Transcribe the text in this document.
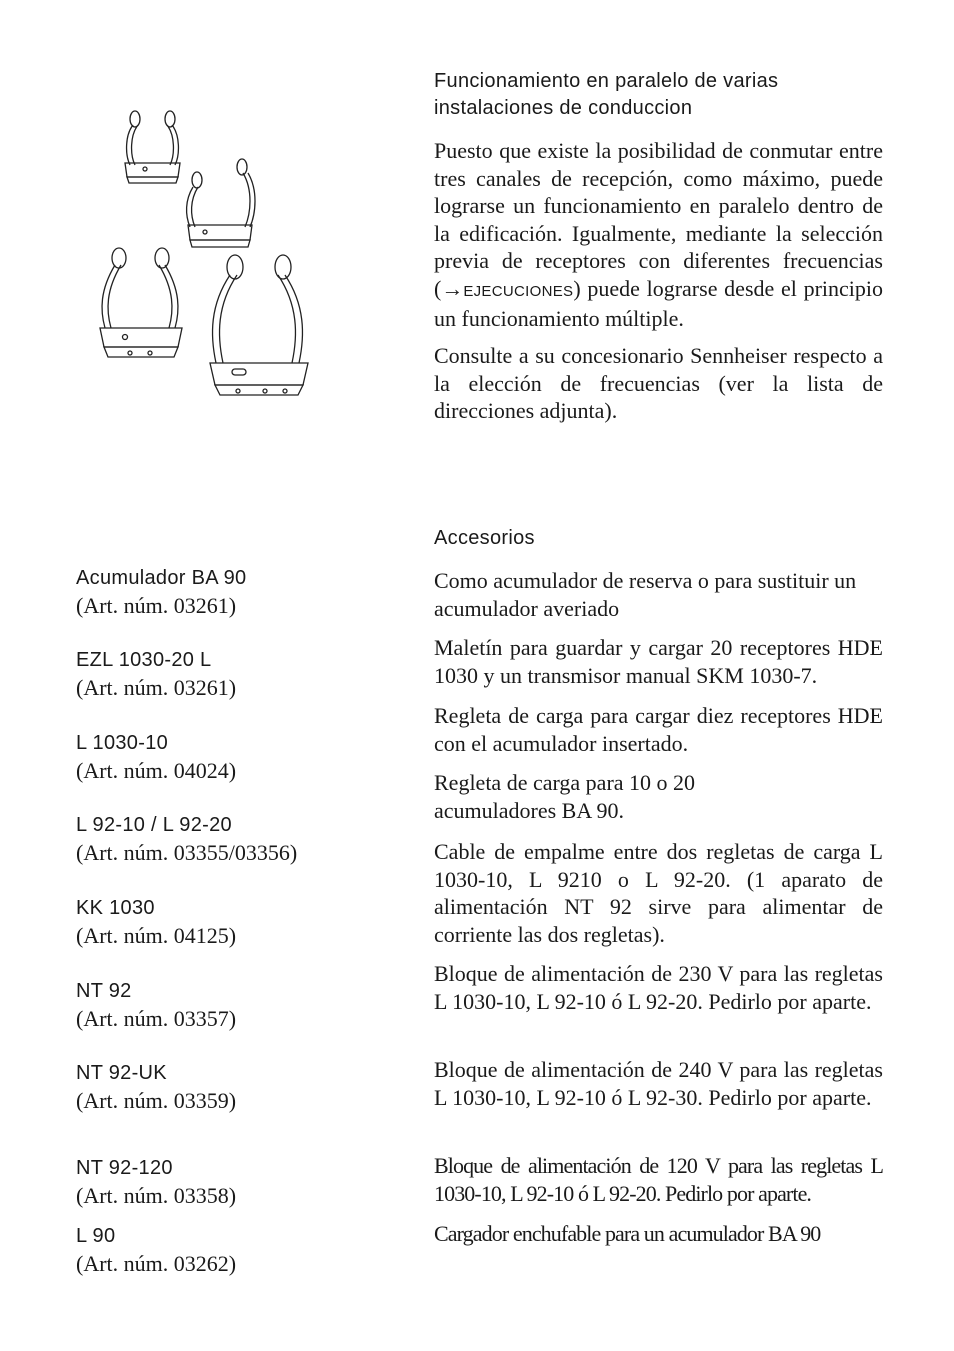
Funcionamiento en paralelo de varias
instalaciones de conduccion

Puesto que existe la posibilidad de conmutar entre tres canales de recepción, como máximo, puede lograrse un funcionamiento en paralelo dentro de la edificación. Igualmente, mediante la selección previa de receptores con diferentes frecuencias (→EJECUCIONES) puede lograrse desde el principio un funcionamiento múltiple.

Consulte a su concesionario Sennheiser respecto a la elección de frecuencias (ver la lista de direcciones adjunta).

Accesorios
Acumulador BA 90
(Art. núm. 03261)
EZL 1030-20 L
(Art. núm. 03261)
L 1030-10
(Art. núm. 04024)
L 92-10 / L 92-20
(Art. núm. 03355/03356)
KK 1030
(Art. núm. 04125)
NT 92
(Art. núm. 03357)
NT 92-UK
(Art. núm. 03359)
NT 92-120
(Art. núm. 03358)
L 90
(Art. núm. 03262)

Como acumulador de reserva o para sustituir un acumulador averiado

Maletín para guardar y cargar 20 receptores HDE 1030 y un transmisor manual SKM 1030-7.

Regleta de carga para cargar diez receptores HDE con el acumulador insertado.

Regleta de carga para 10 o 20 acumuladores BA 90.

Cable de empalme entre dos regletas de carga L 1030-10, L 9210 o L 92-20. (1 aparato de alimentación NT 92 sirve para alimentar de corriente las dos regletas).

Bloque de alimentación de 230 V para las regletas L 1030-10, L 92-10 ó L 92-20. Pedirlo por aparte.

Bloque de alimentación de 240 V para las regletas L 1030-10, L 92-10 ó L 92-30. Pedirlo por aparte.

Bloque de alimentación de 120 V para las regletas L 1030-10, L 92-10 ó L 92-20. Pedirlo por aparte.

Cargador enchufable para un acumulador BA 90
